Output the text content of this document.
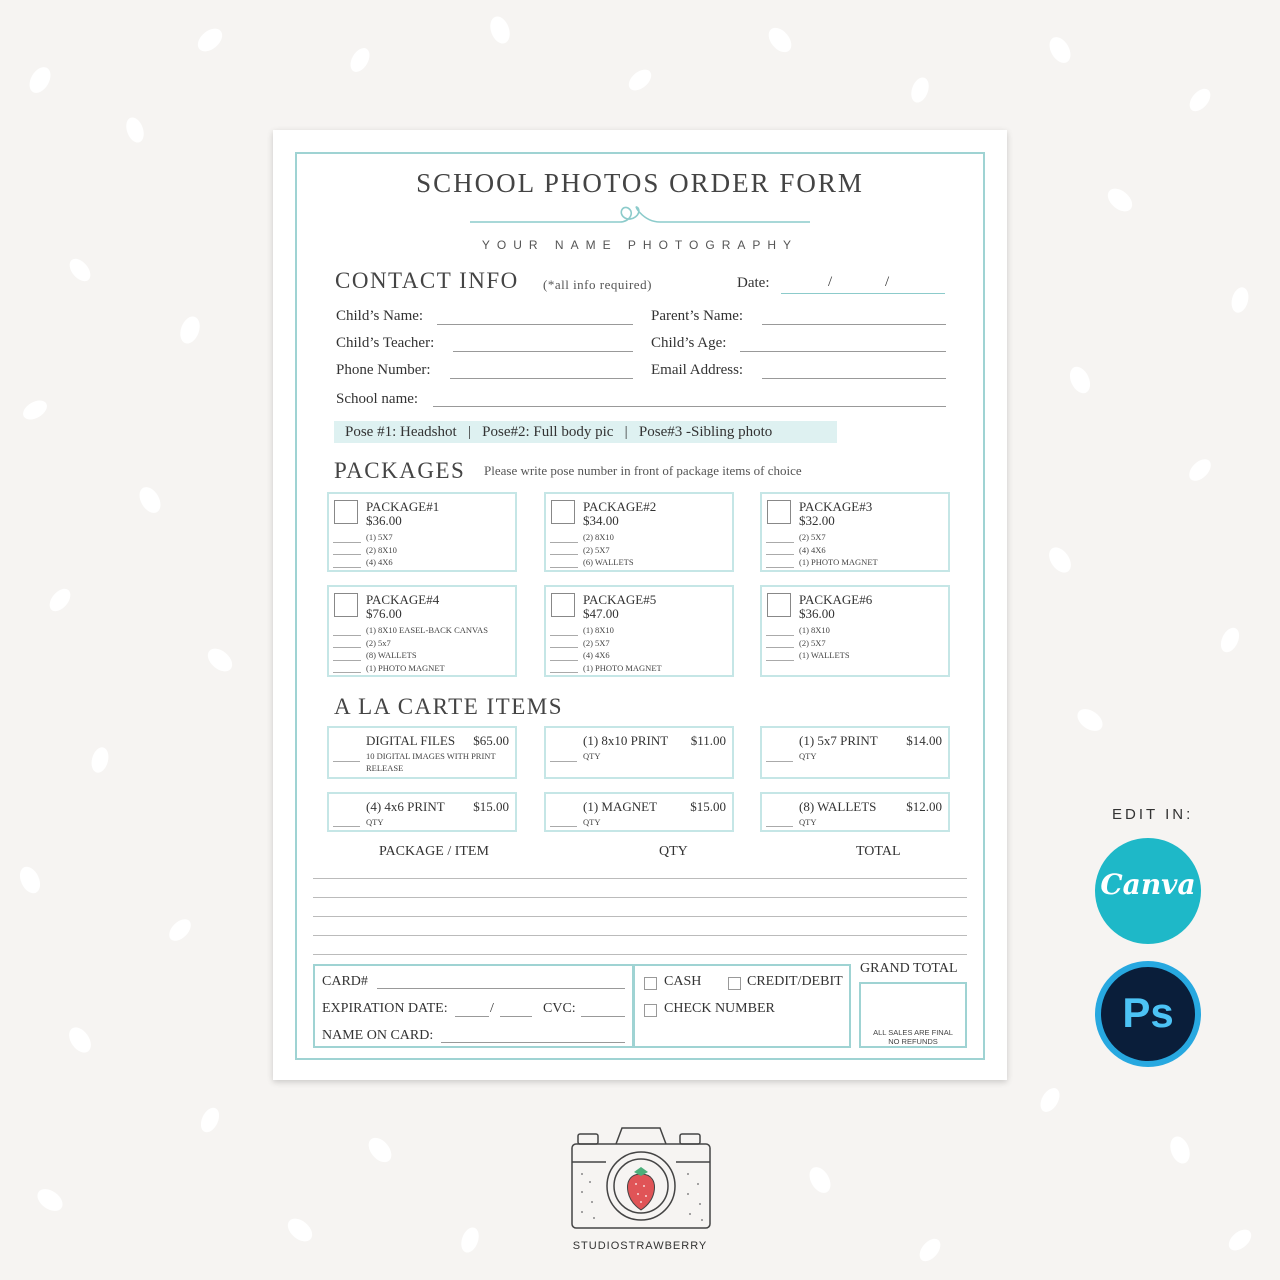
SCHOOL PHOTOS ORDER FORM
YOUR NAME PHOTOGRAPHY
CONTACT INFO (*all info required)	Date:	/	/
Child’s Name:	Parent’s Name:
Child’s Teacher:	Child’s Age:
Phone Number:	Email Address:
School name:
Pose #1: Headshot   |   Pose#2: Full body pic   |   Pose#3 -Sibling photo
PACKAGES Please write pose number in front of package items of choice
PACKAGE#1
$36.00
(1) 5X7
(2) 8X10
(4) 4X6
PACKAGE#2
$34.00
(2) 8X10
(2) 5X7
(6) WALLETS
PACKAGE#3
$32.00
(2) 5X7
(4) 4X6
(1) PHOTO MAGNET
PACKAGE#4
$76.00
(1) 8X10 EASEL-BACK CANVAS
(2) 5x7
(8) WALLETS
(1) PHOTO MAGNET
PACKAGE#5
$47.00
(1) 8X10
(2) 5X7
(4) 4X6
(1) PHOTO MAGNET
PACKAGE#6
$36.00
(1) 8X10
(2) 5X7
(1) WALLETS
A LA CARTE ITEMS
DIGITAL FILES $65.00
10 DIGITAL IMAGES WITH PRINT RELEASE
(1) 8x10 PRINT $11.00
QTY
(1) 5x7 PRINT $14.00
QTY
(4) 4x6 PRINT $15.00
QTY
(1) MAGNET	$15.00
QTY
(8) WALLETS $12.00
QTY
PACKAGE / ITEM	QTY	TOTAL
CARD#
EXPIRATION DATE:	/	CVC:
NAME ON CARD:
CASH	CREDIT/DEBIT
CHECK NUMBER
GRAND TOTAL
ALL SALES ARE FINAL
NO REFUNDS
EDIT IN:
Canva
Ps
STUDIOSTRAWBERRY
